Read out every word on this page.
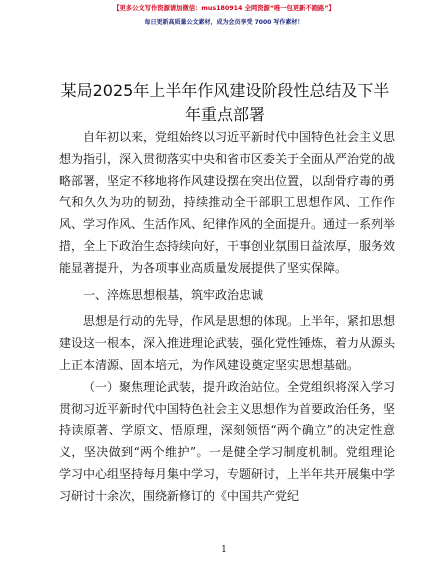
【更多公文写作资源请加微信：mus180914 全网资源“唯一包更新不跑路”】
每日更新高质量公文素材，成为会员享受 7000 写作素材！
某局2025年上半年作风建设阶段性总结及下半年重点部署

自年初以来，党组始终以习近平新时代中国特色社会主义思想为指引，深入贯彻落实中央和省市区委关于全面从严治党的战略部署，坚定不移地将作风建设摆在突出位置，以刮骨疗毒的勇气和久久为功的韧劲，持续推动全干部职工思想作风、工作作风、学习作风、生活作风、纪律作风的全面提升。通过一系列举措，全上下政治生态持续向好，干事创业氛围日益浓厚，服务效能显著提升，为各项事业高质量发展提供了坚实保障。

一、淬炼思想根基，筑牢政治忠诚

思想是行动的先导，作风是思想的体现。上半年，紧扣思想建设这一根本，深入推进理论武装，强化党性锤炼，着力从源头上正本清源、固本培元，为作风建设奠定坚实思想基础。

（一）聚焦理论武装，提升政治站位。全党组织将深入学习贯彻习近平新时代中国特色社会主义思想作为首要政治任务，坚持读原著、学原文、悟原理，深刻领悟“两个确立”的决定性意义，坚决做到“两个维护”。一是健全学习制度机制。党组理论学习中心组坚持每月集中学习，专题研讨，上半年共开展集中学习研讨十余次，围绕新修订的《中国共产党纪

1
